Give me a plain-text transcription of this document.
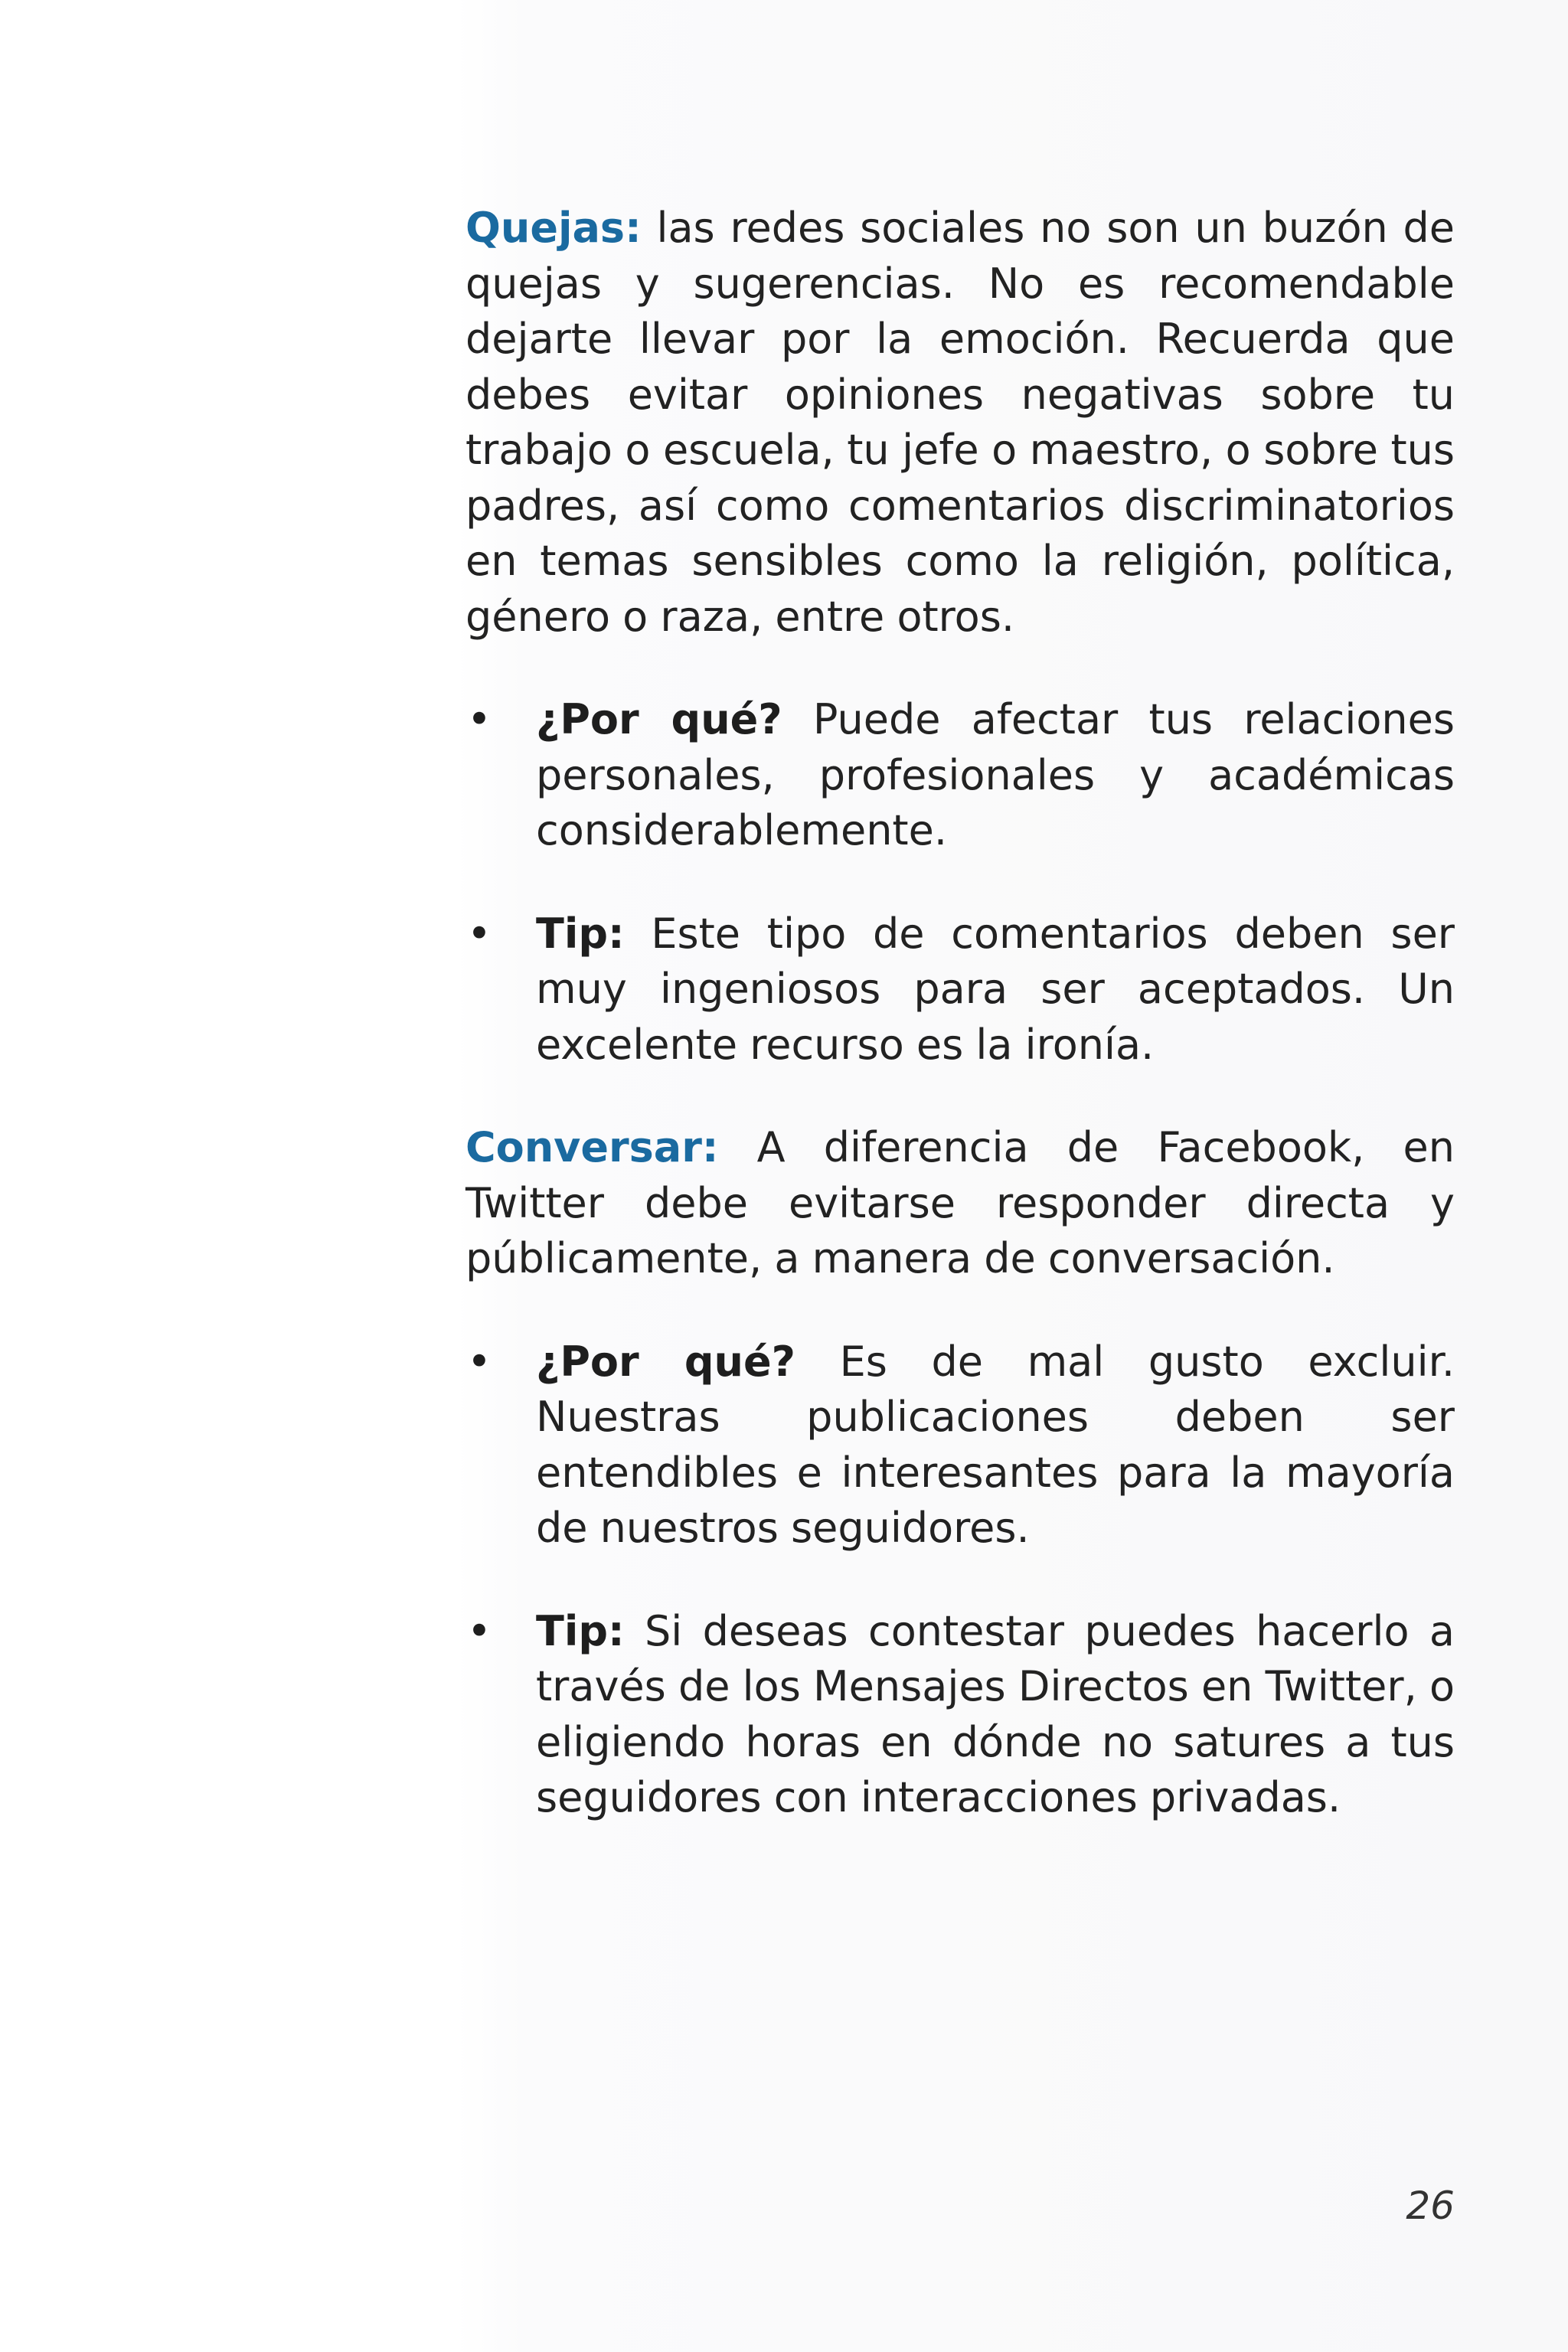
Quejas: las redes sociales no son un buzón de quejas y sugerencias. No es recomendable dejarte llevar por la emoción. Recuerda que debes evitar opiniones negativas sobre tu trabajo o escuela, tu jefe o maestro, o sobre tus padres, así como comentarios discriminatorios en temas sensibles como la religión, política, género o raza, entre otros.

• ¿Por qué? Puede afectar tus relaciones personales, profesionales y académicas considerablemente.
• Tip: Este tipo de comentarios deben ser muy ingeniosos para ser aceptados. Un excelente recurso es la ironía.

Conversar: A diferencia de Facebook, en Twitter debe evitarse responder directa y públicamente, a manera de conversación.

• ¿Por qué? Es de mal gusto excluir. Nuestras publicaciones deben ser entendibles e interesantes para la mayoría de nuestros seguidores.
• Tip: Si deseas contestar puedes hacerlo a través de los Mensajes Directos en Twitter, o eligiendo horas en dónde no satures a tus seguidores con interacciones privadas.
26
